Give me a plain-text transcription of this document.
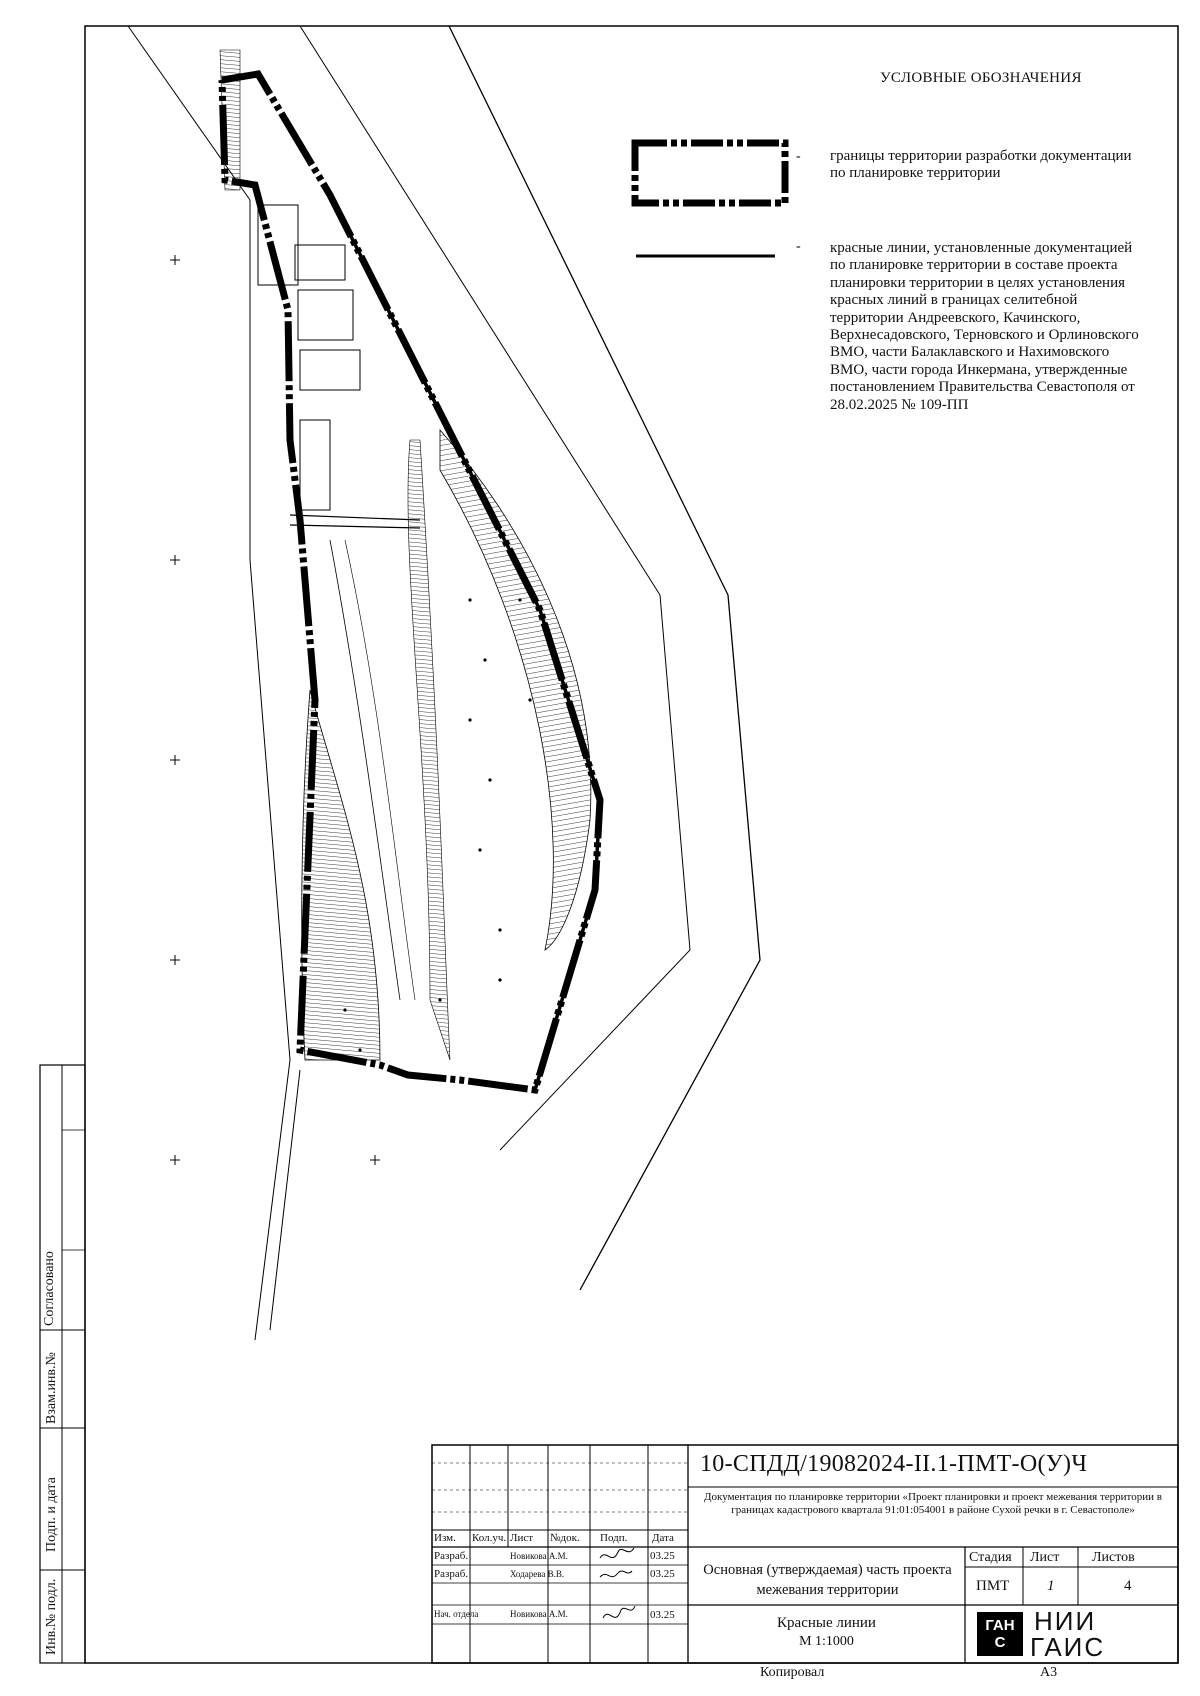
-
-
УСЛОВНЫЕ ОБОЗНАЧЕНИЯ
границы территории разработки документации по планировке территории
красные линии, установленные документацией по планировке территории в составе проекта планировки территории в целях установления красных линий в границах селитебной территории Андреевского, Качинского, Верхнесадовского, Терновского и Орлиновского ВМО, части Балаклавского и Нахимовского ВМО, части города Инкермана, утвержденные постановлением Правительства Севастополя от 28.02.2025 № 109-ПП
Согласовано
Взам.инв.№
Подп. и дата
Инв.№ подл.
10-СПДД/19082024-II.1-ПМТ-О(У)Ч
Документация по планировке территории «Проект планировки и проект межевания территории в границах кадастрового квартала 91:01:054001 в районе Сухой речки в г. Севастополе»
Изм. Кол.уч. Лист №док. Подп. Дата
Разраб.	Новикова А.М.	03.25
Разраб.	Ходарева В.В.	03.25
Нач. отдела	Новикова А.М.	03.25
Основная (утверждаемая) часть проекта межевания территории
Стадия Лист Листов
ПМТ	1	4
Красные линии
М 1:1000
ГАНС
НИИ
ГАИС
Копировал	А3
